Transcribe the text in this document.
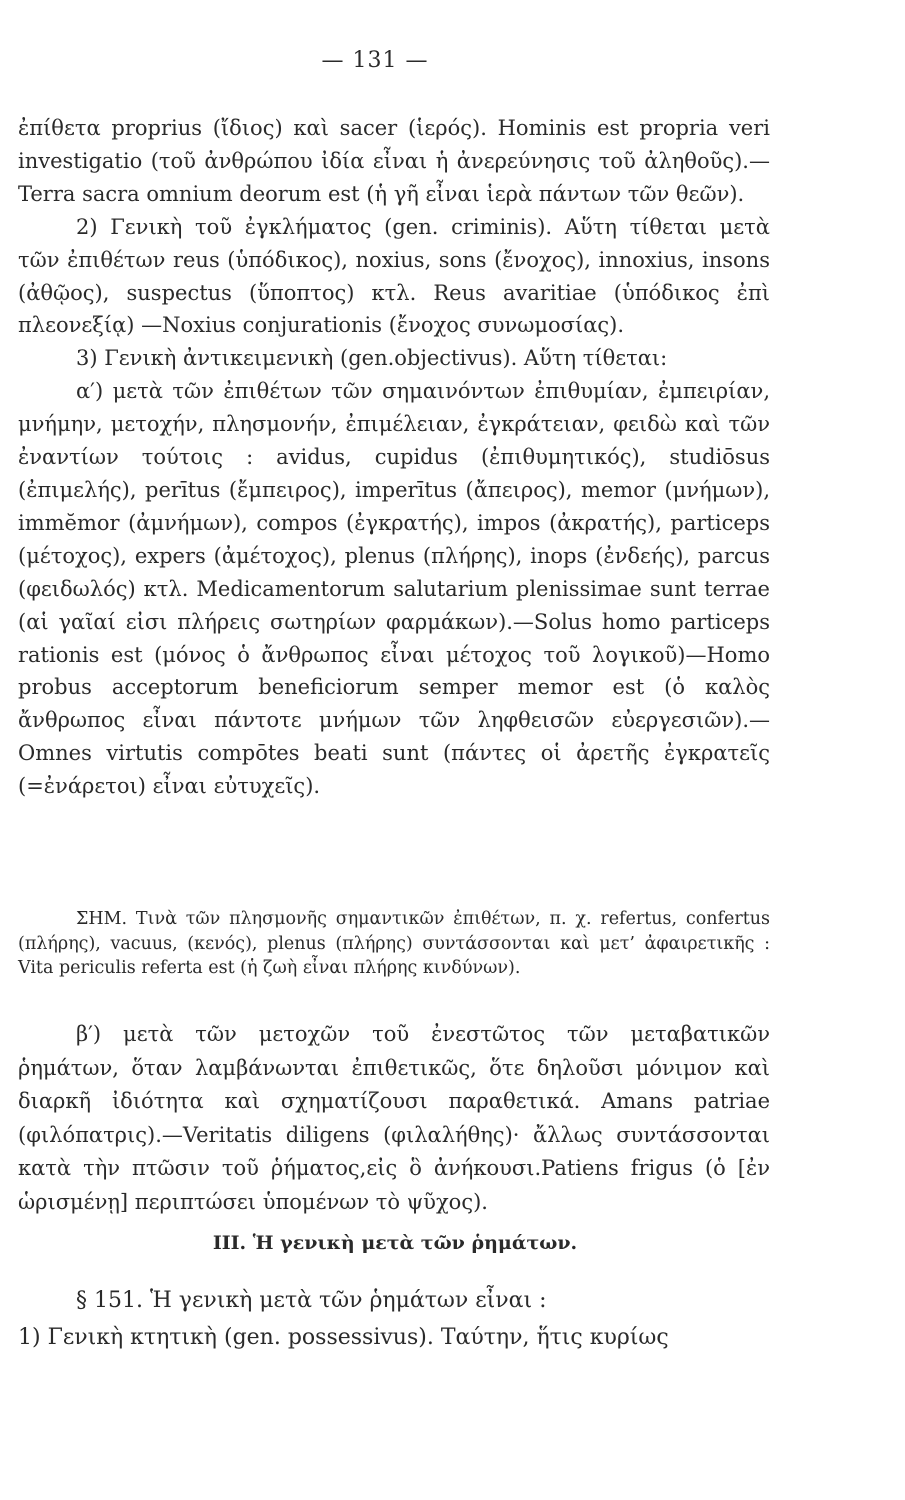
— 131 —

ἐπίθετα proprius (ἴδιος) καὶ sacer (ἱερός). Hominis est propria veri investigatio (τοῦ ἀνθρώπου ἰδία εἶναι ἡ ἀνερεύνησις τοῦ ἀληθοῦς).—Terra sacra omnium deorum est (ἡ γῆ εἶναι ἱερὰ πάντων τῶν θεῶν).

2) Γενικὴ τοῦ ἐγκλήματος (gen. criminis). Αὕτη τίθεται μετὰ τῶν ἐπιθέτων reus (ὑπόδικος), noxius, sons (ἔνοχος), innoxius, insons (ἀθῷος), suspectus (ὕποπτος) κτλ. Reus avaritiae (ὑπόδικος ἐπὶ πλεονεξίᾳ) —Noxius conjurationis (ἔνοχος συνωμοσίας).

3) Γενικὴ ἀντικειμενικὴ (gen.objectivus). Αὕτη τίθεται:

α′) μετὰ τῶν ἐπιθέτων τῶν σημαινόντων ἐπιθυμίαν, ἐμπειρίαν, μνήμην, μετοχήν, πλησμονήν, ἐπιμέλειαν, ἐγκράτειαν, φειδὼ καὶ τῶν ἐναντίων τούτοις : avidus, cupidus (ἐπιθυμητικός), studiōsus (ἐπιμελής), perītus (ἔμπειρος), imperītus (ἄπειρος), memor (μνήμων), immĕmor (ἀμνήμων), compos (ἐγκρατής), impos (ἀκρατής), particeps (μέτοχος), expers (ἀμέτοχος), plenus (πλήρης), inops (ἐνδεής), parcus (φειδωλός) κτλ. Medicamentorum salutarium plenissimae sunt terrae (αἱ γαῖαί εἰσι πλήρεις σωτηρίων φαρμάκων).—Solus homo particeps rationis est (μόνος ὁ ἄνθρωπος εἶναι μέτοχος τοῦ λογικοῦ)—Homo probus acceptorum beneficiorum semper memor est (ὁ καλὸς ἄνθρωπος εἶναι πάντοτε μνήμων τῶν ληφθεισῶν εὐεργεσιῶν).—Omnes virtutis compōtes beati sunt (πάντες οἱ ἀρετῆς ἐγκρατεῖς (=ἐνάρετοι) εἶναι εὐτυχεῖς).

ΣΗΜ. Τινὰ τῶν πλησμονῆς σημαντικῶν ἐπιθέτων, π. χ. refertus, confertus (πλήρης), vacuus, (κενός), plenus (πλήρης) συντάσσονται καὶ μετ’ ἀφαιρετικῆς : Vita periculis referta est (ἡ ζωὴ εἶναι πλήρης κινδύνων).

β′) μετὰ τῶν μετοχῶν τοῦ ἐνεστῶτος τῶν μεταβατικῶν ῥημάτων, ὅταν λαμβάνωνται ἐπιθετικῶς, ὅτε δηλοῦσι μόνιμον καὶ διαρκῆ ἰδιότητα καὶ σχηματίζουσι παραθετικά. Amans patriae (φιλόπατρις).—Veritatis diligens (φιλαλήθης)· ἄλλως συντάσσονται κατὰ τὴν πτῶσιν τοῦ ῥήματος,εἰς ὃ ἀνήκουσι.Patiens frigus (ὁ [ἐν ὡρισμένῃ] περιπτώσει ὑπομένων τὸ ψῦχος).

III. Ἡ γενικὴ μετὰ τῶν ῥημάτων.

§ 151. Ἡ γενικὴ μετὰ τῶν ῥημάτων εἶναι :

1) Γενικὴ κτητικὴ (gen. possessivus). Ταύτην, ἥτις κυρίως
